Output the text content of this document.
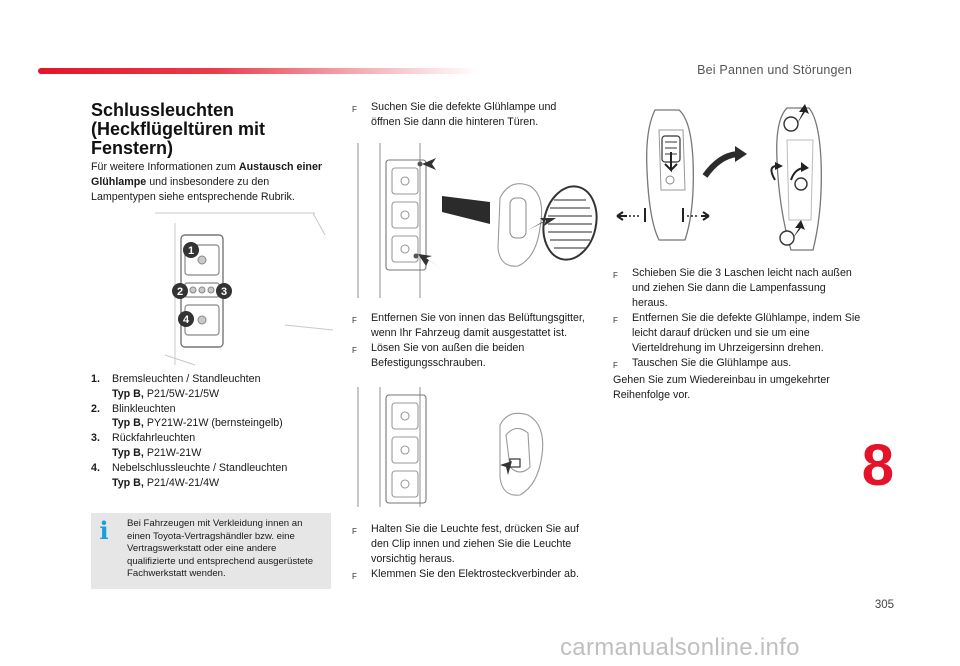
Bei Pannen und Störungen
Schlussleuchten (Heckflügeltüren mit Fenstern)
Für weitere Informationen zum Austausch einer Glühlampe und insbesondere zu den Lampentypen siehe entsprechende Rubrik.
1
2	3
4
1.	Bremsleuchten / Standleuchten
Typ B, P21/5W-21/5W
2.	Blinkleuchten
Typ B, PY21W-21W (bernsteingelb)
3.	Rückfahrleuchten
Typ B, P21W-21W
4.	Nebelschlussleuchte / Standleuchten
Typ B, P21/4W-21/4W
i	Bei Fahrzeugen mit Verkleidung innen an einen Toyota-Vertragshändler bzw. eine Vertragswerkstatt oder eine andere qualifizierte und entsprechend ausgerüstete Fachwerkstatt wenden.
F	Suchen Sie die defekte Glühlampe und öffnen Sie dann die hinteren Türen.
F	Entfernen Sie von innen das Belüftungsgitter, wenn Ihr Fahrzeug damit ausgestattet ist.
F	Lösen Sie von außen die beiden Befestigungsschrauben.
F	Halten Sie die Leuchte fest, drücken Sie auf den Clip innen und ziehen Sie die Leuchte vorsichtig heraus.
F	Klemmen Sie den Elektrosteckverbinder ab.
F	Schieben Sie die 3 Laschen leicht nach außen und ziehen Sie dann die Lampenfassung heraus.
F	Entfernen Sie die defekte Glühlampe, indem Sie leicht darauf drücken und sie um eine Vierteldrehung im Uhrzeigersinn drehen.
F	Tauschen Sie die Glühlampe aus.
Gehen Sie zum Wiedereinbau in umgekehrter Reihenfolge vor.
8
305
carmanualsonline.info
